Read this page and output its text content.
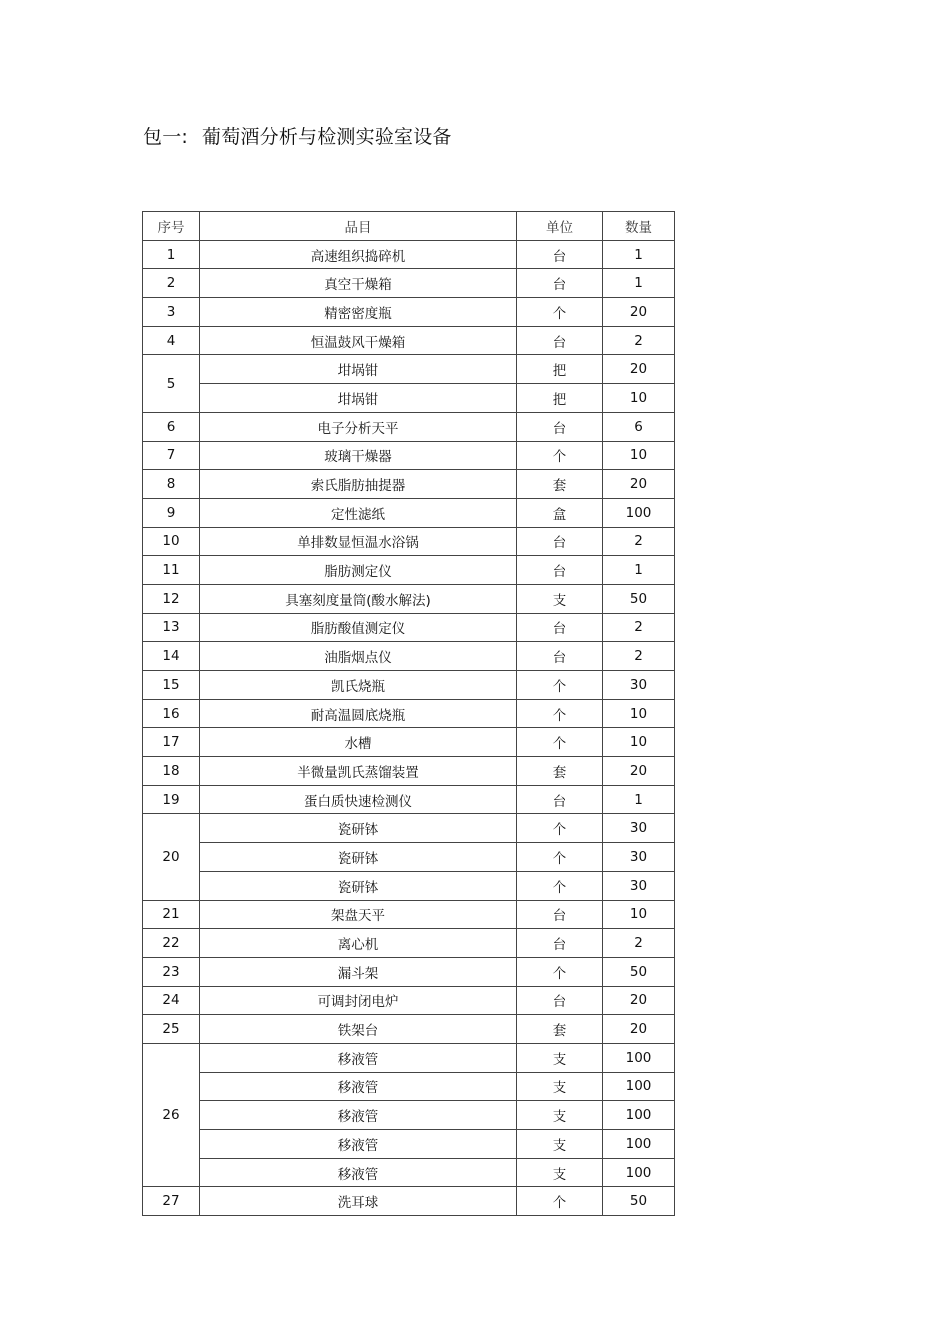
包一: 葡萄酒分析与检测实验室设备
序号	品目	单位	数量
1	高速组织捣碎机	台	1
2	真空干燥箱	台	1
3	精密密度瓶	个	20
4	恒温鼓风干燥箱	台	2
5	坩埚钳	把	20
	坩埚钳	把	10
6	电子分析天平	台	6
7	玻璃干燥器	个	10
8	索氏脂肪抽提器	套	20
9	定性滤纸	盒	100
10	单排数显恒温水浴锅	台	2
11	脂肪测定仪	台	1
12	具塞刻度量筒(酸水解法)	支	50
13	脂肪酸值测定仪	台	2
14	油脂烟点仪	台	2
15	凯氏烧瓶	个	30
16	耐高温圆底烧瓶	个	10
17	水槽	个	10
18	半微量凯氏蒸馏装置	套	20
19	蛋白质快速检测仪	台	1
20	瓷研钵	个	30
	瓷研钵	个	30
	瓷研钵	个	30
21	架盘天平	台	10
22	离心机	台	2
23	漏斗架	个	50
24	可调封闭电炉	台	20
25	铁架台	套	20
26	移液管	支	100
	移液管	支	100
	移液管	支	100
	移液管	支	100
	移液管	支	100
27	洗耳球	个	50
